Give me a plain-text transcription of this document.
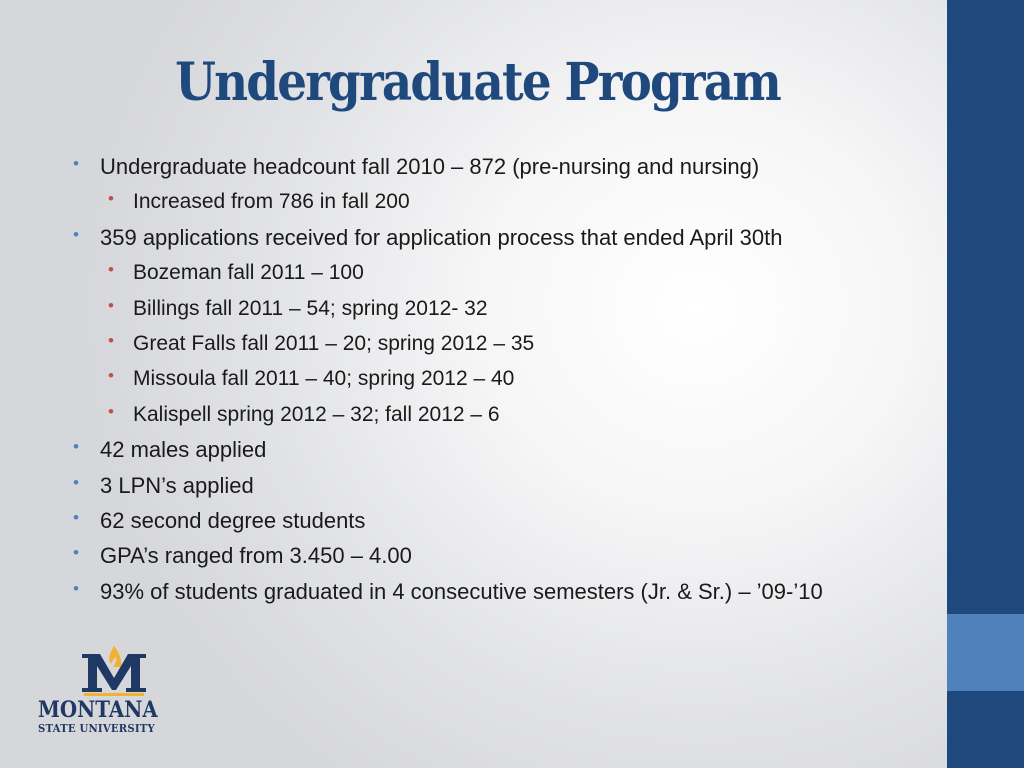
Undergraduate Program
• Undergraduate headcount fall 2010 – 872 (pre-nursing and nursing)
• Increased from 786 in fall 200
• 359 applications received for application process that ended April 30th
• Bozeman fall 2011 – 100
• Billings fall 2011 – 54; spring 2012- 32
• Great Falls fall 2011 – 20; spring 2012 – 35
• Missoula fall 2011 – 40; spring 2012 – 40
• Kalispell spring 2012 – 32; fall 2012 – 6
• 42 males applied
• 3 LPN’s applied
• 62 second degree students
• GPA’s ranged from 3.450 – 4.00
• 93% of students graduated in 4 consecutive semesters (Jr. & Sr.) – ’09-’10
MONTANA
STATE UNIVERSITY
